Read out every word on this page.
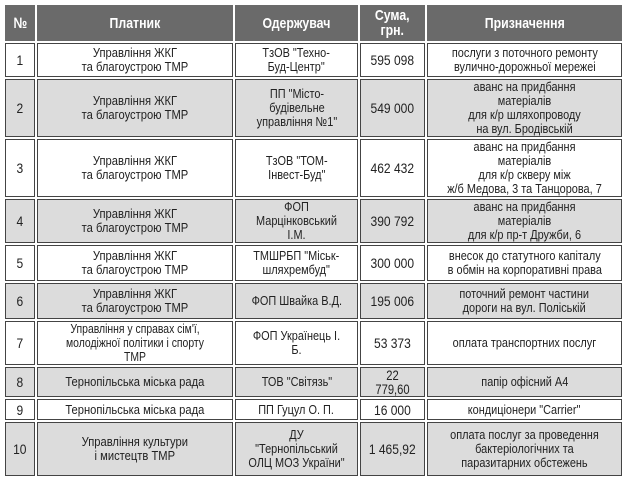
№	Платник	Одержувач	Сума,
грн.	Призначення
1	Управління ЖКГ
та благоустрою ТМР	ТзОВ "Техно-
Буд-Центр"	595 098	послуги з поточного ремонту
вулично-дорожньої мережеі
2	Управління ЖКГ
та благоустрою ТМР	ПП "Місто-
будівельне
управління №1"	549 000	аванс на придбання матеріалів
для к/р шляхопроводу
на вул. Бродівській
3	Управління ЖКГ
та благоустрою ТМР	ТзОВ "ТОМ-
Інвест-Буд"	462 432	аванс на придбання матеріалів
для к/р скверу між
ж/б Медова, 3 та Танцорова, 7
4	Управління ЖКГ
та благоустрою ТМР	ФОП
Марцінковський І.М.	390 792	аванс на придбання матеріалів
для к/р пр-т Дружби, 6
5	Управління ЖКГ
та благоустрою ТМР	ТМШРБП "Міськ-
шляхрембуд"	300 000	внесок до статутного капіталу
в обмін на корпоративні права
6	Управління ЖКГ
та благоустрою ТМР	ФОП Швайка В.Д.	195 006	поточний ремонт частини
дороги на вул. Поліській
7	Управління у справах сім'ї,
молодіжної політики і спорту ТМР	ФОП Українець І. Б.	53 373	оплата транспортних послуг
8	Тернопільська міська рада	ТОВ "Світязь"	22 779,60	папір офісний А4
9	Тернопільська міська рада	ПП Гуцул О. П.	16 000	кондиціонери "Carrier"
10	Управління культури
і мистецтв ТМР	ДУ "Тернопільський
ОЛЦ МОЗ України"	1 465,92	оплата послуг за проведення
бактеріологічних та
паразитарних обстежень
